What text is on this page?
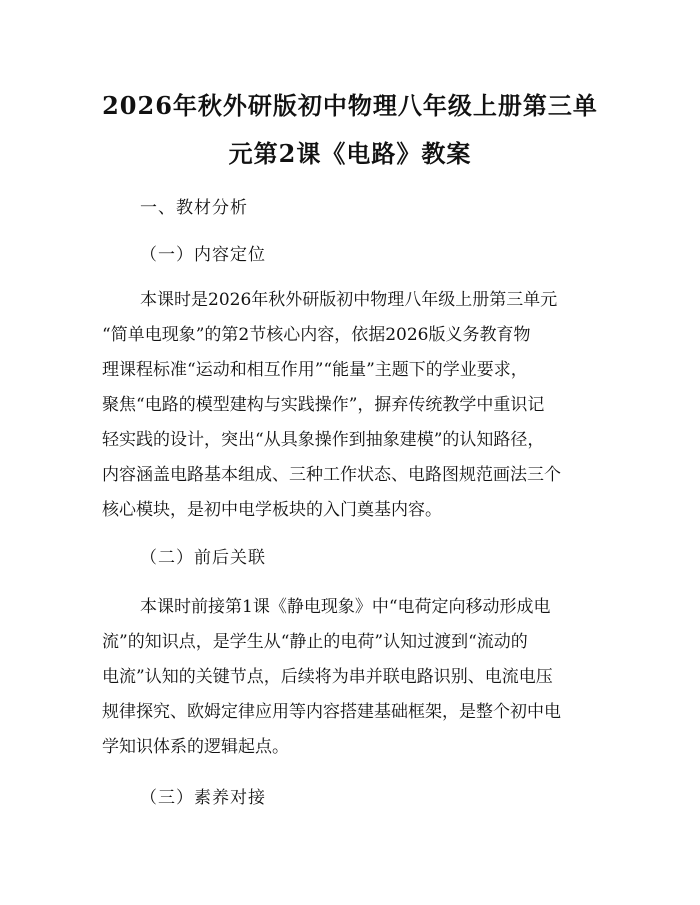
2026年秋外研版初中物理八年级上册第三单
元第2课《电路》教案
一、教材分析
（一）内容定位
本课时是2026年秋外研版初中物理八年级上册第三单元
“简单电现象”的第2节核心内容，依据2026版义务教育物
理课程标准“运动和相互作用”“能量”主题下的学业要求，
聚焦“电路的模型建构与实践操作”，摒弃传统教学中重识记
轻实践的设计，突出“从具象操作到抽象建模”的认知路径，
内容涵盖电路基本组成、三种工作状态、电路图规范画法三个
核心模块，是初中电学板块的入门奠基内容。
（二）前后关联
本课时前接第1课《静电现象》中“电荷定向移动形成电
流”的知识点，是学生从“静止的电荷”认知过渡到“流动的
电流”认知的关键节点，后续将为串并联电路识别、电流电压
规律探究、欧姆定律应用等内容搭建基础框架，是整个初中电
学知识体系的逻辑起点。
（三）素养对接
